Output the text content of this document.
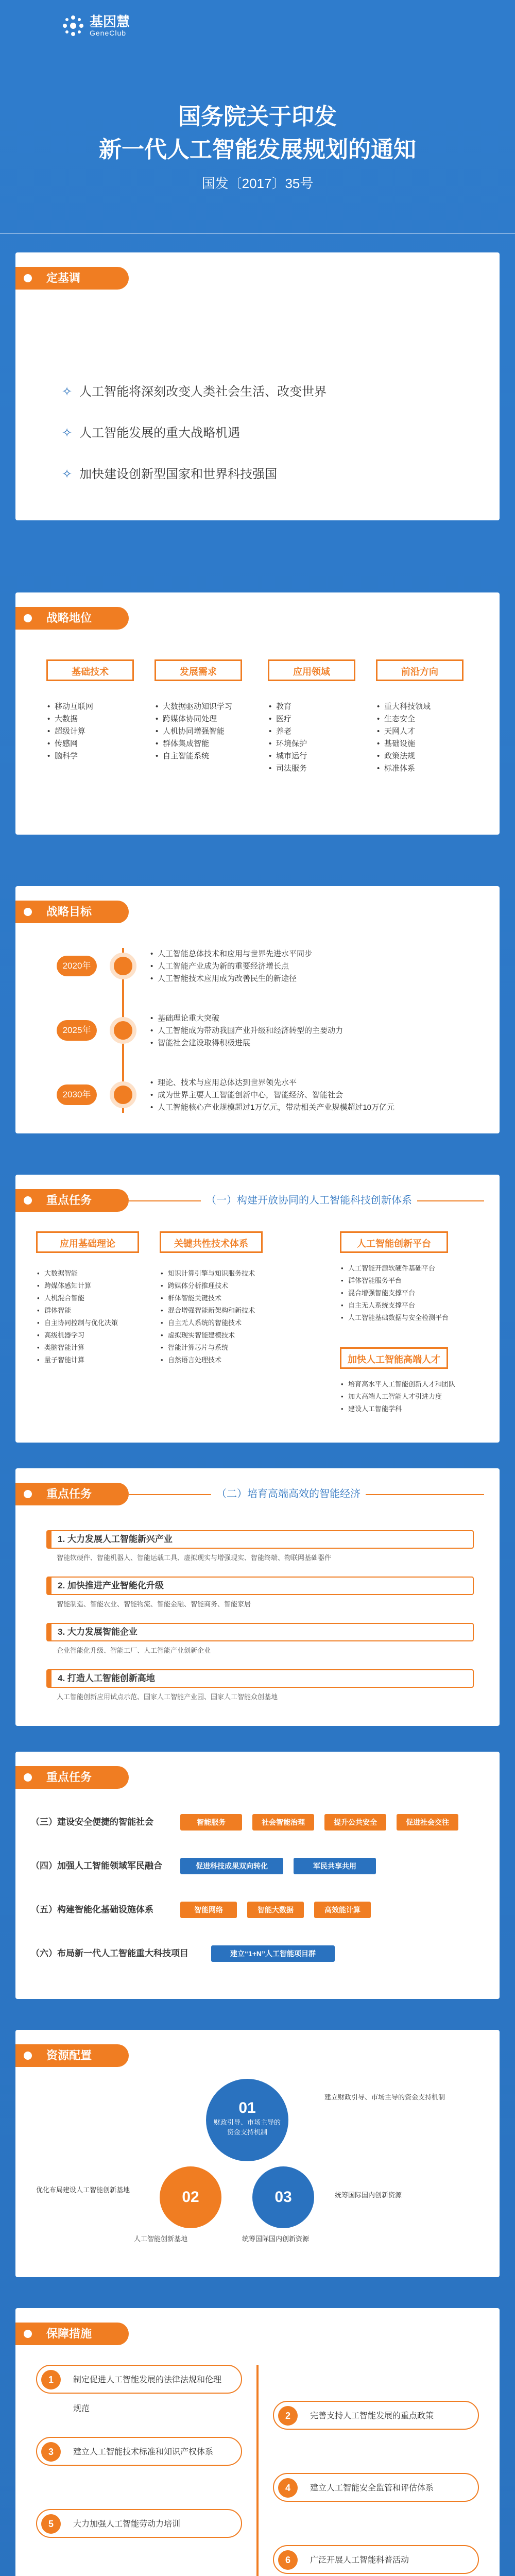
基因慧
GeneClub
国务院关于印发
新一代人工智能发展规划的通知
国发〔2017〕35号
定基调
✧ 人工智能将深刻改变人类社会生活、改变世界
✧ 人工智能发展的重大战略机遇
✧ 加快建设创新型国家和世界科技强国
战略地位
基础技术	发展需求	应用领域	前沿方向
• 移动互联网
• 大数据
• 超级计算
• 传感网
• 脑科学
• 大数据驱动知识学习
• 跨媒体协同处理
• 人机协同增强智能
• 群体集成智能
• 自主智能系统
• 教育
• 医疗
• 养老
• 环境保护
• 城市运行
• 司法服务
• 重大科技领域
• 生态安全
• 天网人才
• 基础设施
• 政策法规
• 标准体系
战略目标
2020年
• 人工智能总体技术和应用与世界先进水平同步
• 人工智能产业成为新的重要经济增长点
• 人工智能技术应用成为改善民生的新途径
2025年
• 基础理论重大突破
• 人工智能成为带动我国产业升级和经济转型的主要动力
• 智能社会建设取得积极进展
2030年
• 理论、技术与应用总体达到世界领先水平
• 成为世界主要人工智能创新中心，智能经济、智能社会
• 人工智能核心产业规模超过1万亿元，带动相关产业规模超过10万亿元
重点任务	（一）构建开放协同的人工智能科技创新体系
应用基础理论	关键共性技术体系	人工智能创新平台
加快人工智能高端人才
• 大数据智能
• 跨媒体感知计算
• 人机混合智能
• 群体智能
• 自主协同控制与优化决策
• 高级机器学习
• 类脑智能计算
• 量子智能计算
• 知识计算引擎与知识服务技术
• 跨媒体分析推理技术
• 群体智能关键技术
• 混合增强智能新架构和新技术
• 自主无人系统的智能技术
• 虚拟现实智能建模技术
• 智能计算芯片与系统
• 自然语言处理技术
• 人工智能开源软硬件基础平台
• 群体智能服务平台
• 混合增强智能支撑平台
• 自主无人系统支撑平台
• 人工智能基础数据与安全检测平台
• 培育高水平人工智能创新人才和团队
• 加大高端人工智能人才引进力度
• 建设人工智能学科
重点任务	（二）培育高端高效的智能经济
1. 大力发展人工智能新兴产业
智能软硬件、智能机器人、智能运载工具、虚拟现实与增强现实、智能终端、物联网基础器件
2. 加快推进产业智能化升级
智能制造、智能农业、智能物流、智能金融、智能商务、智能家居
3. 大力发展智能企业
企业智能化升级、智能工厂、人工智能产业创新企业
4. 打造人工智能创新高地
人工智能创新应用试点示范、国家人工智能产业园、国家人工智能众创基地
重点任务
（三）建设安全便捷的智能社会	智能服务	社会智能治理	提升公共安全	促进社会交往
（四）加强人工智能领域军民融合	促进科技成果双向转化	军民共享共用
（五）构建智能化基础设施体系	智能网络	智能大数据	高效能计算
（六）布局新一代人工智能重大科技项目	建立“1+N”人工智能项目群
资源配置
01
财政引导、市场主导的资金支持机制
02	03
人工智能创新基地	统筹国际国内创新资源
建立财政引导、市场主导的资金支持机制
优化布局建设人工智能创新基地
统筹国际国内创新资源
保障措施
1	制定促进人工智能发展的法律法规和伦理规范
2	完善支持人工智能发展的重点政策
3	建立人工智能技术标准和知识产权体系
4	建立人工智能安全监管和评估体系
5	大力加强人工智能劳动力培训
6	广泛开展人工智能科普活动
